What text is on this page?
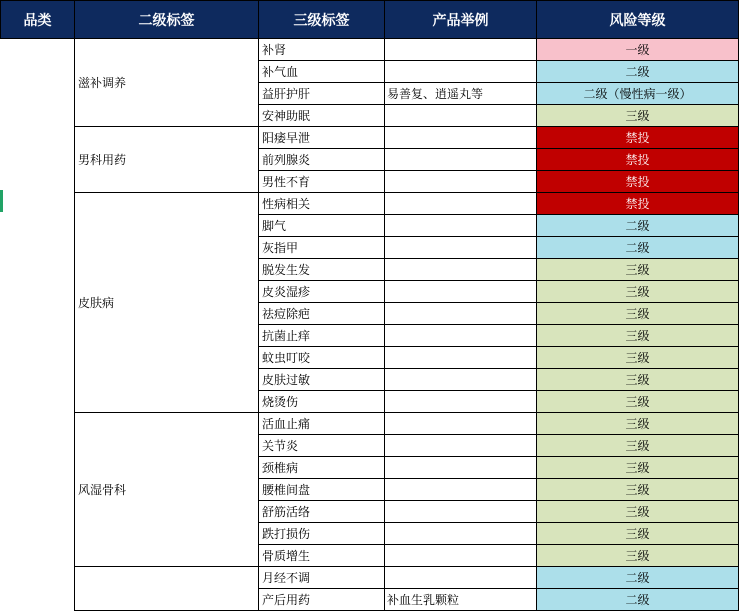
品类	二级标签	三级标签	产品举例	风险等级
	滋补调养	补肾		一级
		补气血		二级
		益肝护肝	易善复、逍遥丸等	二级（慢性病一级）
		安神助眠		三级
	男科用药	阳痿早泄		禁投
		前列腺炎		禁投
		男性不育		禁投
	皮肤病	性病相关		禁投
		脚气		二级
		灰指甲		二级
		脱发生发		三级
		皮炎湿疹		三级
		祛痘除疤		三级
		抗菌止痒		三级
		蚊虫叮咬		三级
		皮肤过敏		三级
		烧烫伤		三级
	风湿骨科	活血止痛		三级
		关节炎		三级
		颈椎病		三级
		腰椎间盘		三级
		舒筋活络		三级
		跌打损伤		三级
		骨质增生		三级
		月经不调		二级
		产后用药	补血生乳颗粒	二级
